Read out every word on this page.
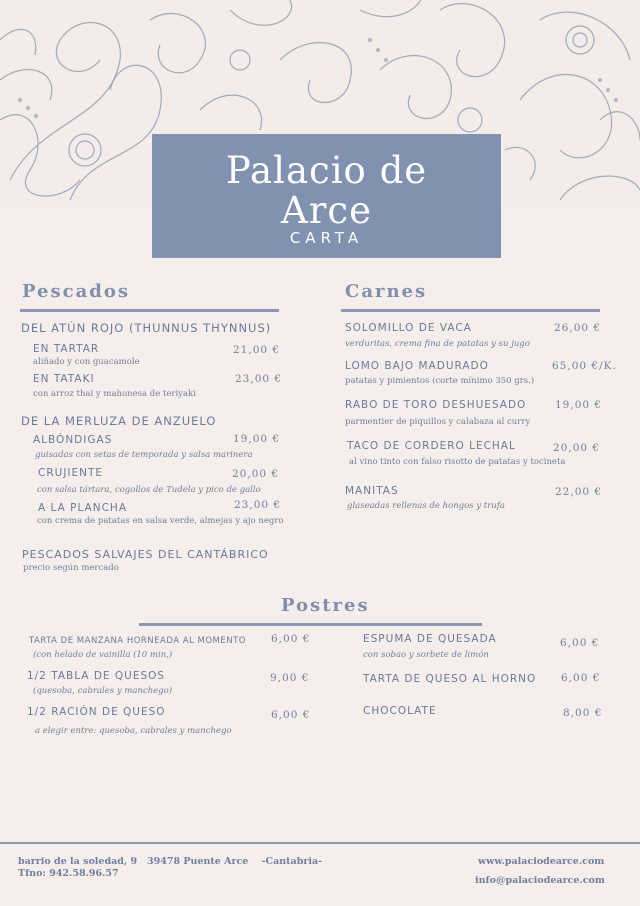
Palacio de Arce
CARTA
Pescados
DEL ATÚN ROJO (THUNNUS THYNNUS)
EN TARTAR	21,00 €
aliñado y con guacamole
EN TATAKI	23,00 €
con arroz thai y mahonesa de teriyaki
DE LA MERLUZA DE ANZUELO
ALBÓNDIGAS	19,00 €
guisadas con setas de temporada y salsa marinera
CRUJIENTE	20,00 €
con salsa tártara, cogollos de Tudela y pico de gallo
A LA PLANCHA	23,00 €
con crema de patatas en salsa verde, almejas y ajo negro
PESCADOS SALVAJES DEL CANTÁBRICO
precio según mercado
Carnes
SOLOMILLO DE VACA	26,00 €
verduritas, crema fina de patatas y su jugo
LOMO BAJO MADURADO	65,00 €/K.
patatas y pimientos (corte mínimo 350 grs.)
RABO DE TORO DESHUESADO	19,00 €
parmentier de piquillos y calabaza al curry
TACO DE CORDERO LECHAL	20,00 €
al vino tinto con falso risotto de patatas y tocineta
MANITAS	22,00 €
glaseadas rellenas de hongos y trufa
Postres
TARTA DE MANZANA HORNEADA AL MOMENTO 6,00 €
(con helado de vainilla (10 min,)
1/2 TABLA DE QUESOS	9,00 €
(quesoba, cabrales y manchego)
1/2 RACIÓN DE QUESO	6,00 €
a elegir entre: quesoba, cabrales y manchego
ESPUMA DE QUESADA	6,00 €
con sobao y sorbete de limón
TARTA DE QUESO AL HORNO 6,00 €
CHOCOLATE	8,00 €
barrio de la soledad, 9   39478 Puente Arce    -Cantabria-
Tfno: 942.58.96.57
www.palaciodearce.com
info@palaciodearce.com
